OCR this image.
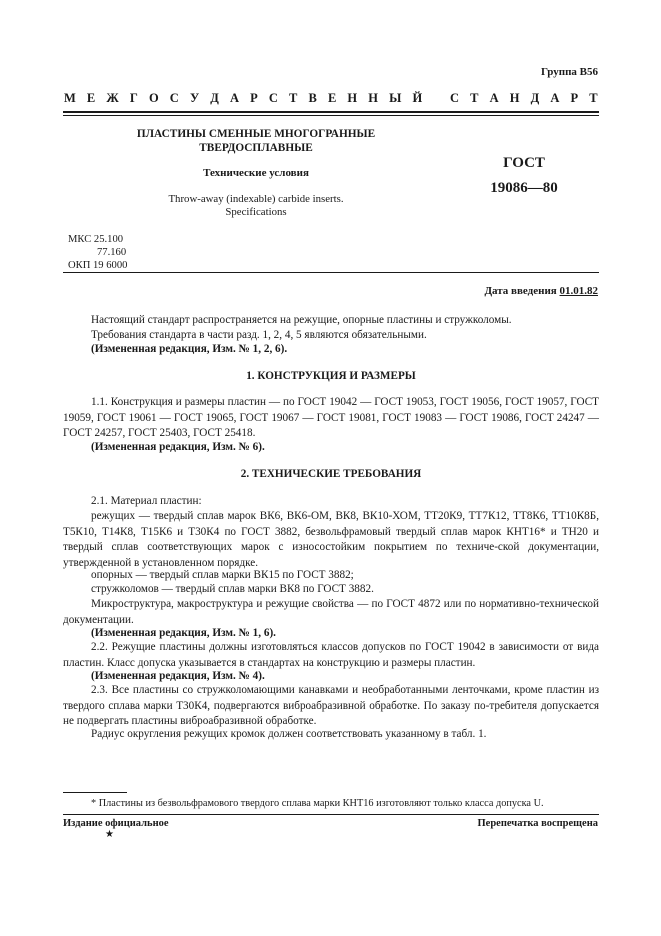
Группа В56
М Е Ж Г О С У Д А Р С Т В Е Н Н Ы Й С Т А Н Д А Р Т
ПЛАСТИНЫ СМЕННЫЕ МНОГОГРАННЫЕ
ТВЕРДОСПЛАВНЫЕ
Технические условия
Throw-away (indexable) carbide inserts.
Specifications
ГОСТ
19086—80
МКС 25.100
77.160
ОКП 19 6000
Дата введения 01.01.82
Настоящий стандарт распространяется на режущие, опорные пластины и стружколомы.
Требования стандарта в части разд. 1, 2, 4, 5 являются обязательными.
(Измененная редакция, Изм. № 1, 2, 6).
1. КОНСТРУКЦИЯ И РАЗМЕРЫ
1.1. Конструкция и размеры пластин — по ГОСТ 19042 — ГОСТ 19053, ГОСТ 19056, ГОСТ 19057, ГОСТ 19059, ГОСТ 19061 — ГОСТ 19065, ГОСТ 19067 — ГОСТ 19081, ГОСТ 19083 — ГОСТ 19086, ГОСТ 24247 — ГОСТ 24257, ГОСТ 25403, ГОСТ 25418.
(Измененная редакция, Изм. № 6).
2. ТЕХНИЧЕСКИЕ ТРЕБОВАНИЯ
2.1. Материал пластин:
режущих — твердый сплав марок ВК6, ВК6-ОМ, ВК8, ВК10-ХОМ, ТТ20К9, ТТ7К12, ТТ8К6, ТТ10К8Б, Т5К10, Т14К8, Т15К6 и Т30К4 по ГОСТ 3882, безвольфрамовый твердый сплав марок КНТ16* и ТН20 и твердый сплав соответствующих марок с износостойким покрытием по техниче-ской документации, утвержденной в установленном порядке.
опорных — твердый сплав марки ВК15 по ГОСТ 3882;
стружколомов — твердый сплав марки ВК8 по ГОСТ 3882.
Микроструктура, макроструктура и режущие свойства — по ГОСТ 4872 или по нормативно-технической документации.
(Измененная редакция, Изм. № 1, 6).
2.2. Режущие пластины должны изготовляться классов допусков по ГОСТ 19042 в зависимости от вида пластин. Класс допуска указывается в стандартах на конструкцию и размеры пластин.
(Измененная редакция, Изм. № 4).
2.3. Все пластины со стружколомающими канавками и необработанными ленточками, кроме пластин из твердого сплава марки Т30К4, подвергаются виброабразивной обработке. По заказу по-требителя допускается не подвергать пластины виброабразивной обработке.
Радиус округления режущих кромок должен соответствовать указанному в табл. 1.
* Пластины из безвольфрамового твердого сплава марки КНТ16 изготовляют только класса допуска U.
Издание официальное	Перепечатка воспрещена
★
